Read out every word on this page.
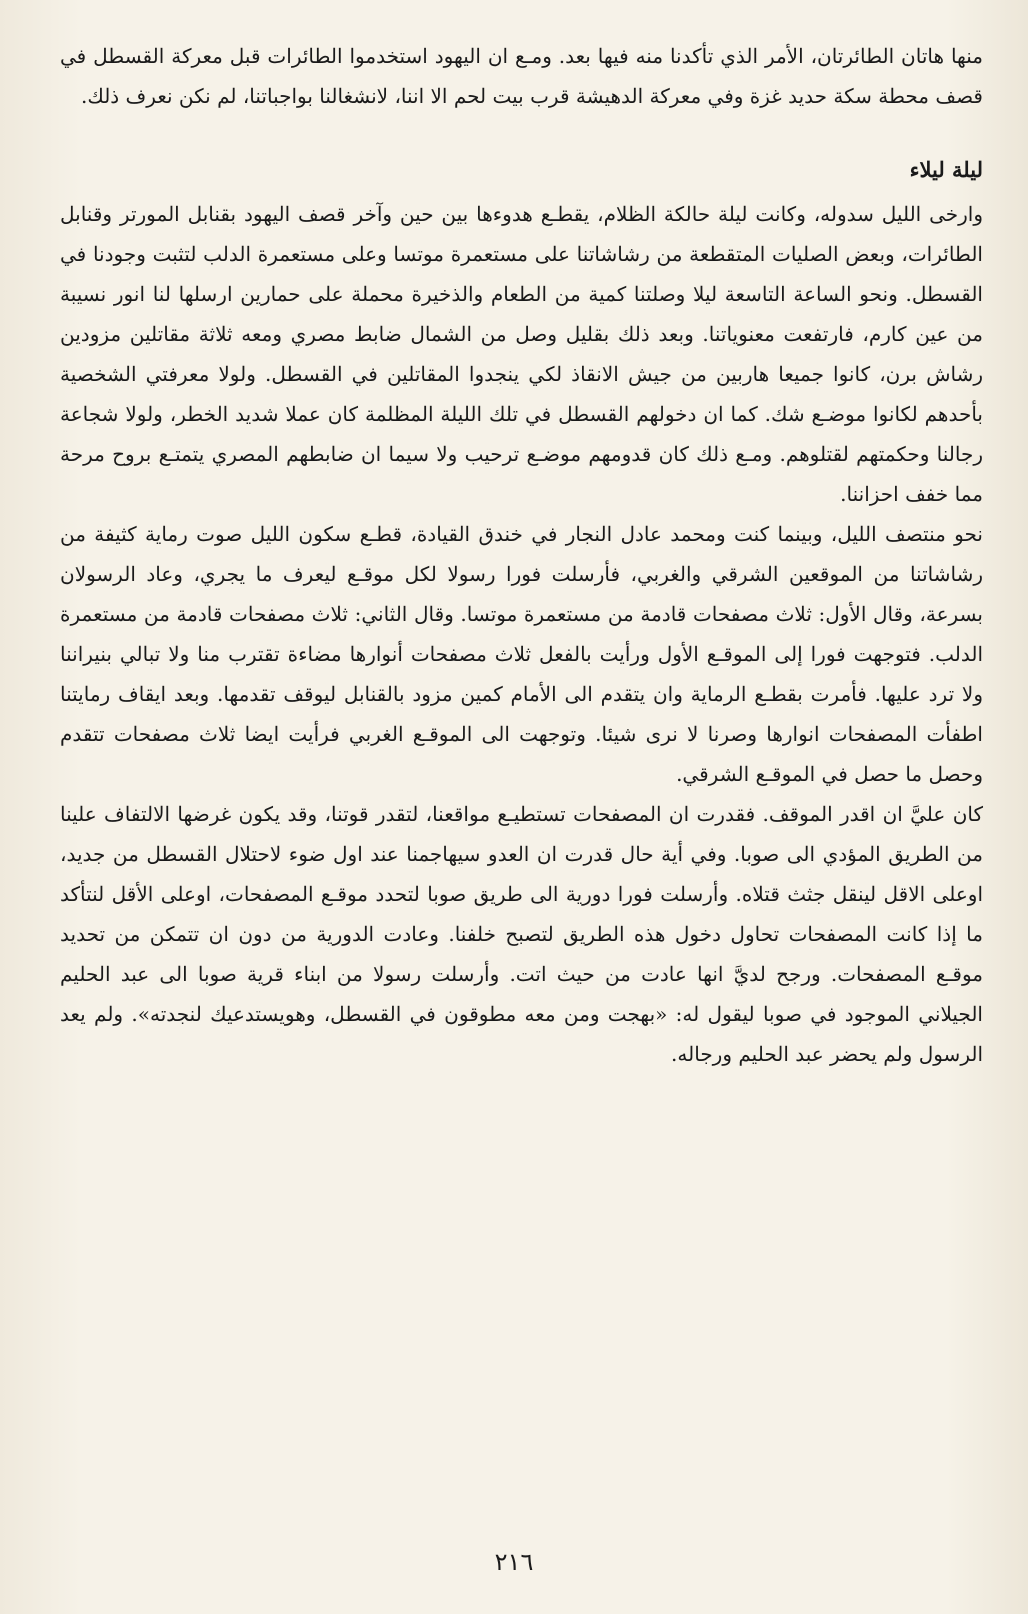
منها هاتان الطائرتان، الأمر الذي تأكدنا منه فيها بعد. ومـع ان اليهود استخدموا الطائرات قبل معركة القسطل في قصف محطة سكة حديد غزة وفي معركة الدهيشة قرب بيت لحم الا اننا، لانشغالنا بواجباتنا، لم نكن نعرف ذلك.

ليلة ليلاء

وارخى الليل سدوله، وكانت ليلة حالكة الظلام، يقطـع هدوءها بين حين وآخر قصف اليهود بقنابل المورتر وقنابل الطائرات، وبعض الصليات المتقطعة من رشاشاتنا على مستعمرة موتسا وعلى مستعمرة الدلب لتثبت وجودنا في القسطل. ونحو الساعة التاسعة ليلا وصلتنا كمية من الطعام والذخيرة محملة على حمارين ارسلها لنا انور نسيبة من عين كارم، فارتفعت معنوياتنا. وبعد ذلك بقليل وصل من الشمال ضابط مصري ومعه ثلاثة مقاتلين مزودين رشاش برن، كانوا جميعا هاربين من جيش الانقاذ لكي ينجدوا المقاتلين في القسطل. ولولا معرفتي الشخصية بأحدهم لكانوا موضـع شك. كما ان دخولهم القسطل في تلك الليلة المظلمة كان عملا شديد الخطر، ولولا شجاعة رجالنا وحكمتهم لقتلوهم. ومـع ذلك كان قدومهم موضـع ترحيب ولا سيما ان ضابطهم المصري يتمتـع بروح مرحة مما خفف احزاننا.

نحو منتصف الليل، وبينما كنت ومحمد عادل النجار في خندق القيادة، قطـع سكون الليل صوت رماية كثيفة من رشاشاتنا من الموقعين الشرقي والغربي، فأرسلت فورا رسولا لكل موقـع ليعرف ما يجري، وعاد الرسولان بسرعة، وقال الأول: ثلاث مصفحات قادمة من مستعمرة موتسا. وقال الثاني: ثلاث مصفحات قادمة من مستعمرة الدلب. فتوجهت فورا إلى الموقـع الأول ورأيت بالفعل ثلاث مصفحات أنوارها مضاءة تقترب منا ولا تبالي بنيراننا ولا ترد عليها. فأمرت بقطـع الرماية وان يتقدم الى الأمام كمين مزود بالقنابل ليوقف تقدمها. وبعد ايقاف رمايتنا اطفأت المصفحات انوارها وصرنا لا نرى شيئا. وتوجهت الى الموقـع الغربي فرأيت ايضا ثلاث مصفحات تتقدم وحصل ما حصل في الموقـع الشرقي.

كان عليَّ ان اقدر الموقف. فقدرت ان المصفحات تستطيـع مواقعنا، لتقدر قوتنا، وقد يكون غرضها الالتفاف علينا من الطريق المؤدي الى صوبا. وفي أية حال قدرت ان العدو سيهاجمنا عند اول ضوء لاحتلال القسطل من جديد، اوعلى الاقل لينقل جثث قتلاه. وأرسلت فورا دورية الى طريق صوبا لتحدد موقـع المصفحات، اوعلى الأقل لنتأكد ما إذا كانت المصفحات تحاول دخول هذه الطريق لتصبح خلفنا. وعادت الدورية من دون ان تتمكن من تحديد موقـع المصفحات. ورجح لديَّ انها عادت من حيث اتت. وأرسلت رسولا من ابناء قرية صوبا الى عبد الحليم الجيلاني الموجود في صوبا ليقول له: «بهجت ومن معه مطوقون في القسطل، وهويستدعيك لنجدته». ولم يعد الرسول ولم يحضر عبد الحليم ورجاله.

٢١٦
